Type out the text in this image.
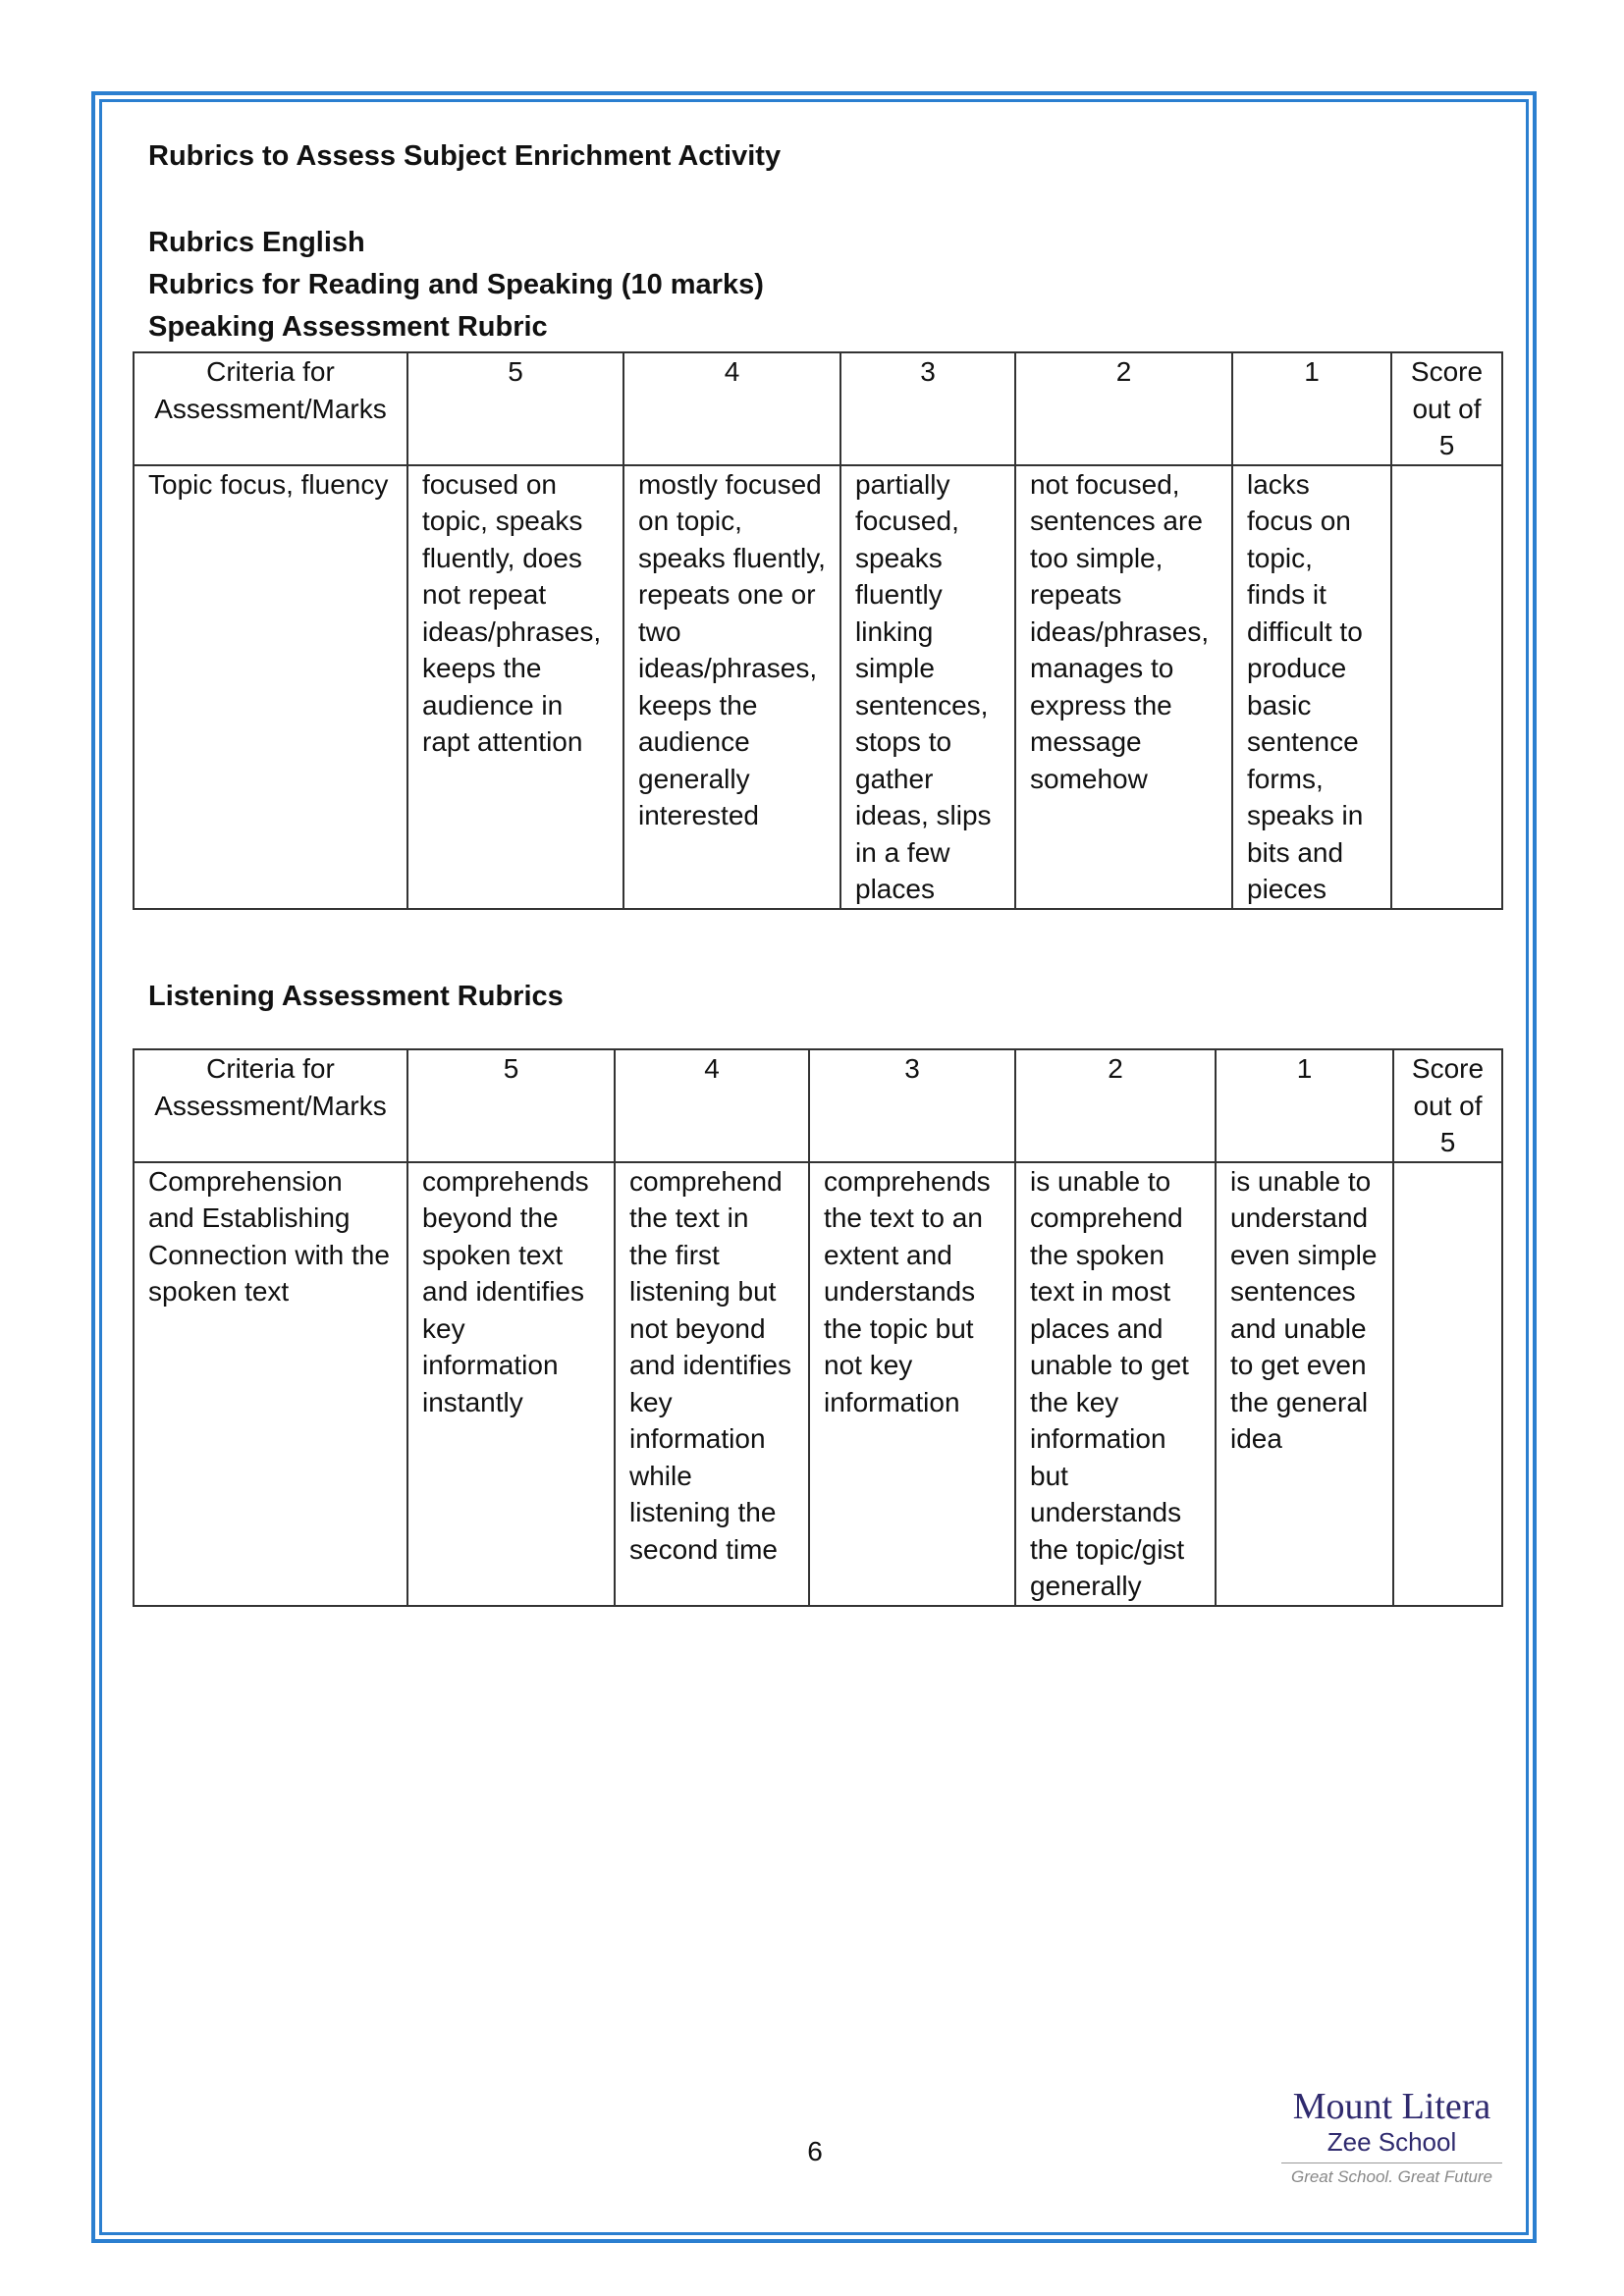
Rubrics to Assess Subject Enrichment Activity
Rubrics English
Rubrics for Reading and Speaking (10 marks)
Speaking Assessment Rubric
Criteria for Assessment/Marks	5	4	3	2	1	Score out of 5
Topic focus, fluency	focused on topic, speaks fluently, does not repeat ideas/phrases, keeps the audience in rapt attention	mostly focused on topic, speaks fluently, repeats one or two ideas/phrases, keeps the audience generally interested	partially focused, speaks fluently linking simple sentences, stops to gather ideas, slips in a few places	not focused, sentences are too simple, repeats ideas/phrases, manages to express the message somehow	lacks focus on topic, finds it difficult to produce basic sentence forms, speaks in bits and pieces	
Listening Assessment Rubrics
Criteria for Assessment/Marks	5	4	3	2	1	Score out of 5
Comprehension and Establishing Connection with the spoken text	comprehends beyond the spoken text and identifies key information instantly	comprehend the text in the first listening but not beyond and identifies key information while listening the second time	comprehends the text to an extent and understands the topic but not key information	is unable to comprehend the spoken text in most places and unable to get the key information but understands the topic/gist generally	is unable to understand even simple sentences and unable to get even the general idea	
6
Mount Litera
Zee School
Great School. Great Future
